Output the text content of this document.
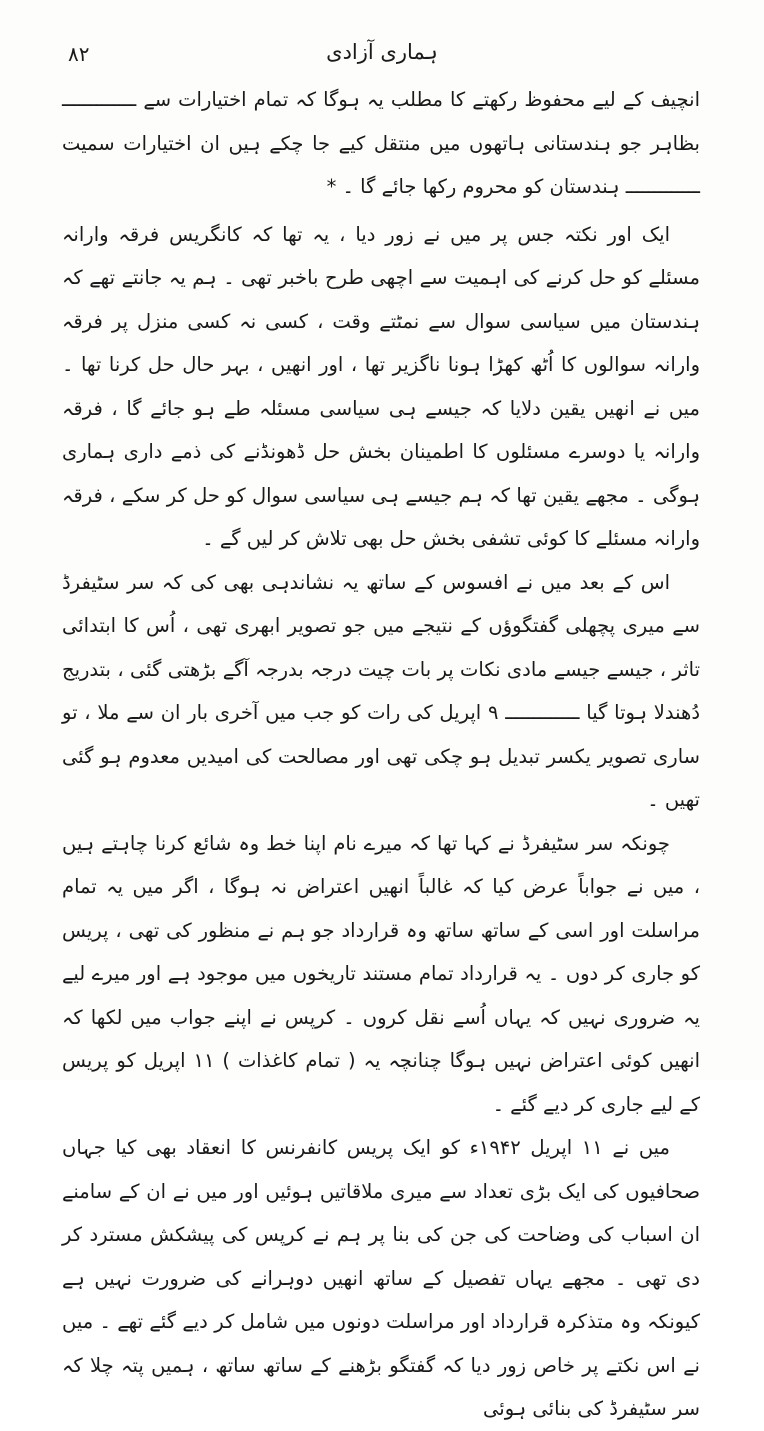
۸۲	ہماری آزادی

انچیف کے لیے محفوظ رکھتے کا مطلب یہ ہوگا کہ تمام اختیارات سے ـــــــــــــ بظاہر جو ہندستانی ہاتھوں میں منتقل کیے جا چکے ہیں ان اختیارات سمیت ـــــــــــــ ہندستان کو محروم رکھا جائے گا ۔ *

ایک اور نکتہ جس پر میں نے زور دیا ، یہ تھا کہ کانگریس فرقہ وارانہ مسئلے کو حل کرنے کی اہمیت سے اچھی طرح باخبر تھی ۔ ہم یہ جانتے تھے کہ ہندستان میں سیاسی سوال سے نمٹتے وقت ، کسی نہ کسی منزل پر فرقہ وارانہ سوالوں کا اُٹھ کھڑا ہونا ناگزیر تھا ، اور انھیں ، بہر حال حل کرنا تھا ۔ میں نے انھیں یقین دلایا کہ جیسے ہی سیاسی مسئلہ طے ہو جائے گا ، فرقہ وارانہ یا دوسرے مسئلوں کا اطمینان بخش حل ڈھونڈنے کی ذمے داری ہماری ہوگی ۔ مجھے یقین تھا کہ ہم جیسے ہی سیاسی سوال کو حل کر سکے ، فرقہ وارانہ مسئلے کا کوئی تشفی بخش حل بھی تلاش کر لیں گے ۔

اس کے بعد میں نے افسوس کے ساتھ یہ نشاندہی بھی کی کہ سر سٹیفرڈ سے میری پچھلی گفتگوؤں کے نتیجے میں جو تصویر ابھری تھی ، اُس کا ابتدائی تاثر ، جیسے جیسے مادی نکات پر بات چیت درجہ بدرجہ آگے بڑھتی گئی ، بتدریج دُھندلا ہوتا گیا ـــــــــــــ ۹ اپریل کی رات کو جب میں آخری بار ان سے ملا ، تو ساری تصویر یکسر تبدیل ہو چکی تھی اور مصالحت کی امیدیں معدوم ہو گئی تھیں ۔

چونکہ سر سٹیفرڈ نے کہا تھا کہ میرے نام اپنا خط وہ شائع کرنا چاہتے ہیں ، میں نے جواباً عرض کیا کہ غالباً انھیں اعتراض نہ ہوگا ، اگر میں یہ تمام مراسلت اور اسی کے ساتھ ساتھ وہ قرارداد جو ہم نے منظور کی تھی ، پریس کو جاری کر دوں ۔ یہ قرارداد تمام مستند تاریخوں میں موجود ہے اور میرے لیے یہ ضروری نہیں کہ یہاں اُسے نقل کروں ۔ کرپس نے اپنے جواب میں لکھا کہ انھیں کوئی اعتراض نہیں ہوگا چنانچہ یہ ( تمام کاغذات ) ۱۱ اپریل کو پریس کے لیے جاری کر دیے گئے ۔

میں نے ۱۱ اپریل ۱۹۴۲ء کو ایک پریس کانفرنس کا انعقاد بھی کیا جہاں صحافیوں کی ایک بڑی تعداد سے میری ملاقاتیں ہوئیں اور میں نے ان کے سامنے ان اسباب کی وضاحت کی جن کی بنا پر ہم نے کرپس کی پیشکش مسترد کر دی تھی ۔ مجھے یہاں تفصیل کے ساتھ انھیں دوہرانے کی ضرورت نہیں ہے کیونکہ وہ متذکرہ قرارداد اور مراسلت دونوں میں شامل کر دیے گئے تھے ۔ میں نے اس نکتے پر خاص زور دیا کہ گفتگو بڑھنے کے ساتھ ساتھ ، ہمیں پتہ چلا کہ سر سٹیفرڈ کی بنائی ہوئی
